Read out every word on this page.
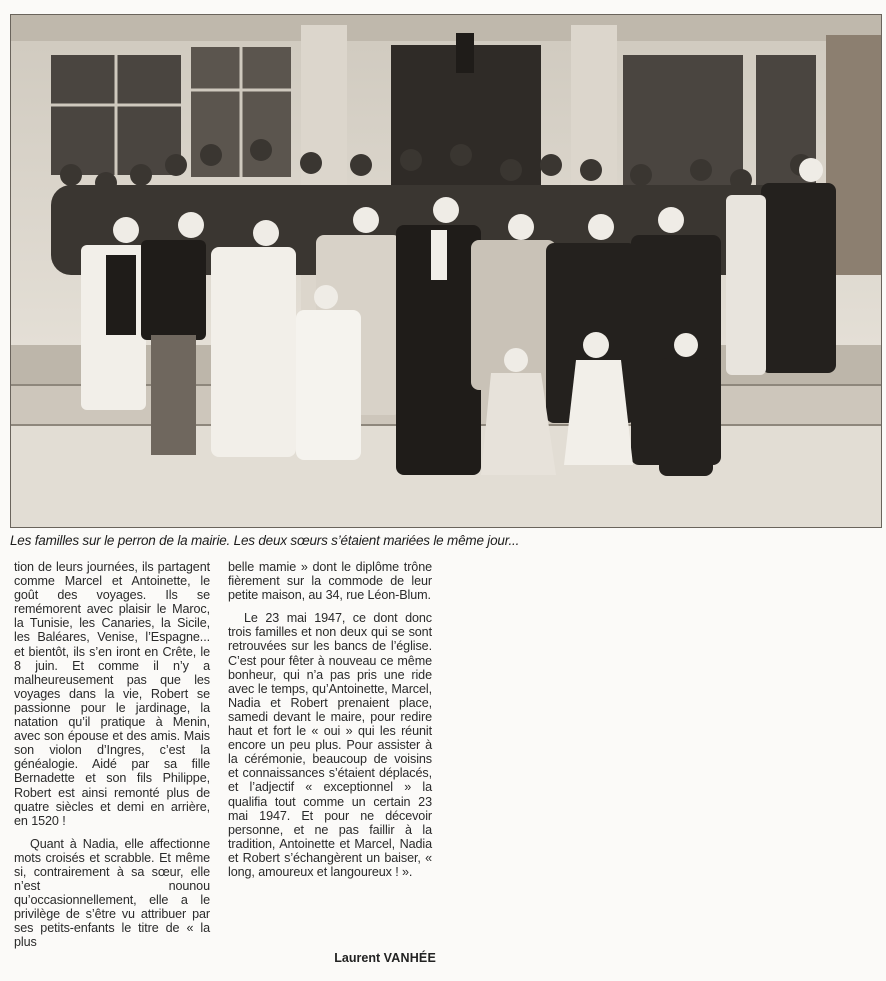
Les familles sur le perron de la mairie. Les deux sœurs s’étaient mariées le même jour...

tion de leurs journées, ils partagent comme Marcel et Antoinette, le goût des voyages. Ils se remémorent avec plaisir le Maroc, la Tunisie, les Canaries, la Sicile, les Baléares, Venise, l’Espagne... et bientôt, ils s’en iront en Crête, le 8 juin. Et comme il n’y a malheureusement pas que les voyages dans la vie, Robert se passionne pour le jardinage, la natation qu’il pratique à Menin, avec son épouse et des amis. Mais son violon d’Ingres, c’est la généalogie. Aidé par sa fille Bernadette et son fils Philippe, Robert est ainsi remonté plus de quatre siècles et demi en arrière, en 1520 !

Quant à Nadia, elle affectionne mots croisés et scrabble. Et même si, contrairement à sa sœur, elle n’est nounou qu’occasionnellement, elle a le privilège de s’être vu attribuer par ses petits-enfants le titre de « la plus

belle mamie » dont le diplôme trône fièrement sur la commode de leur petite maison, au 34, rue Léon-Blum.

Le 23 mai 1947, ce dont donc trois familles et non deux qui se sont retrouvées sur les bancs de l’église. C’est pour fêter à nouveau ce même bonheur, qui n’a pas pris une ride avec le temps, qu’Antoinette, Marcel, Nadia et Robert prenaient place, samedi devant le maire, pour redire haut et fort le « oui » qui les réunit encore un peu plus. Pour assister à la cérémonie, beaucoup de voisins et connaissances s’étaient déplacés, et l’adjectif « exceptionnel » la qualifia tout comme un certain 23 mai 1947. Et pour ne décevoir personne, et ne pas faillir à la tradition, Antoinette et Marcel, Nadia et Robert s’échangèrent un baiser, « long, amoureux et langoureux ! ».

Laurent VANHÉE
